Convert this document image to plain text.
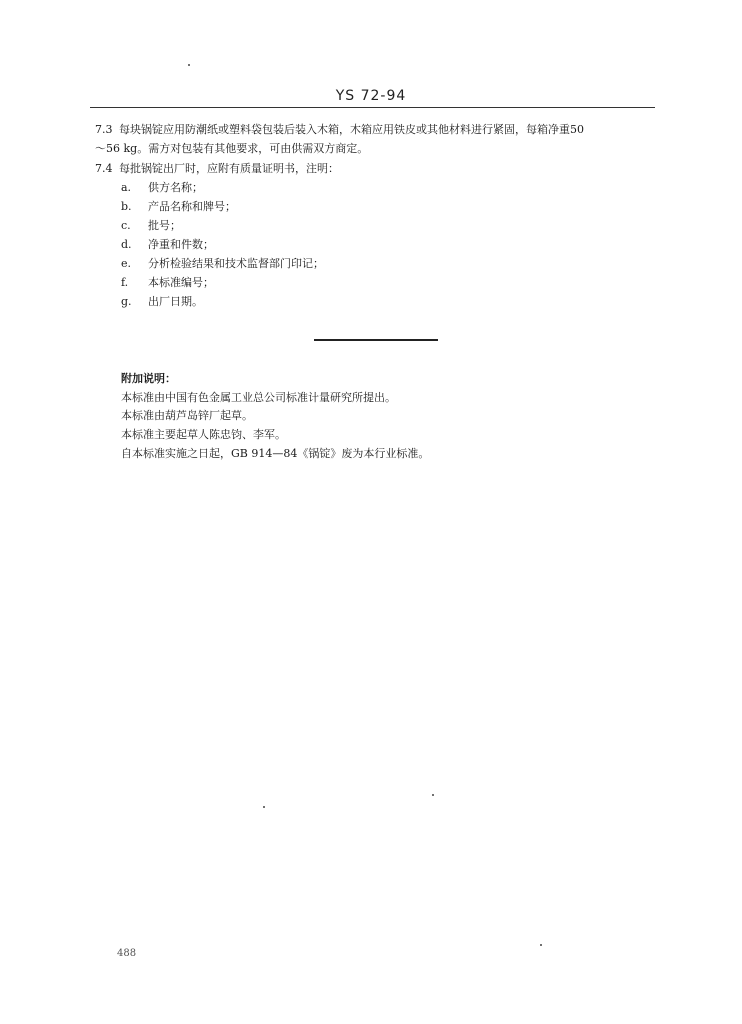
YS 72-94
7.3 每块锅锭应用防潮纸或塑料袋包装后装入木箱，木箱应用铁皮或其他材料进行紧固，每箱净重50
～56 kg。需方对包装有其他要求，可由供需双方商定。
7.4 每批锅锭出厂时，应附有质量证明书，注明：
a. 供方名称；
b. 产品名称和牌号；
c. 批号；
d. 净重和件数；
e. 分析检验结果和技术监督部门印记；
f. 本标准编号；
g. 出厂日期。
附加说明：
本标准由中国有色金属工业总公司标准计量研究所提出。
本标准由葫芦岛锌厂起草。
本标准主要起草人陈忠钧、李军。
自本标准实施之日起，GB 914—84《锅锭》废为本行业标准。
488
